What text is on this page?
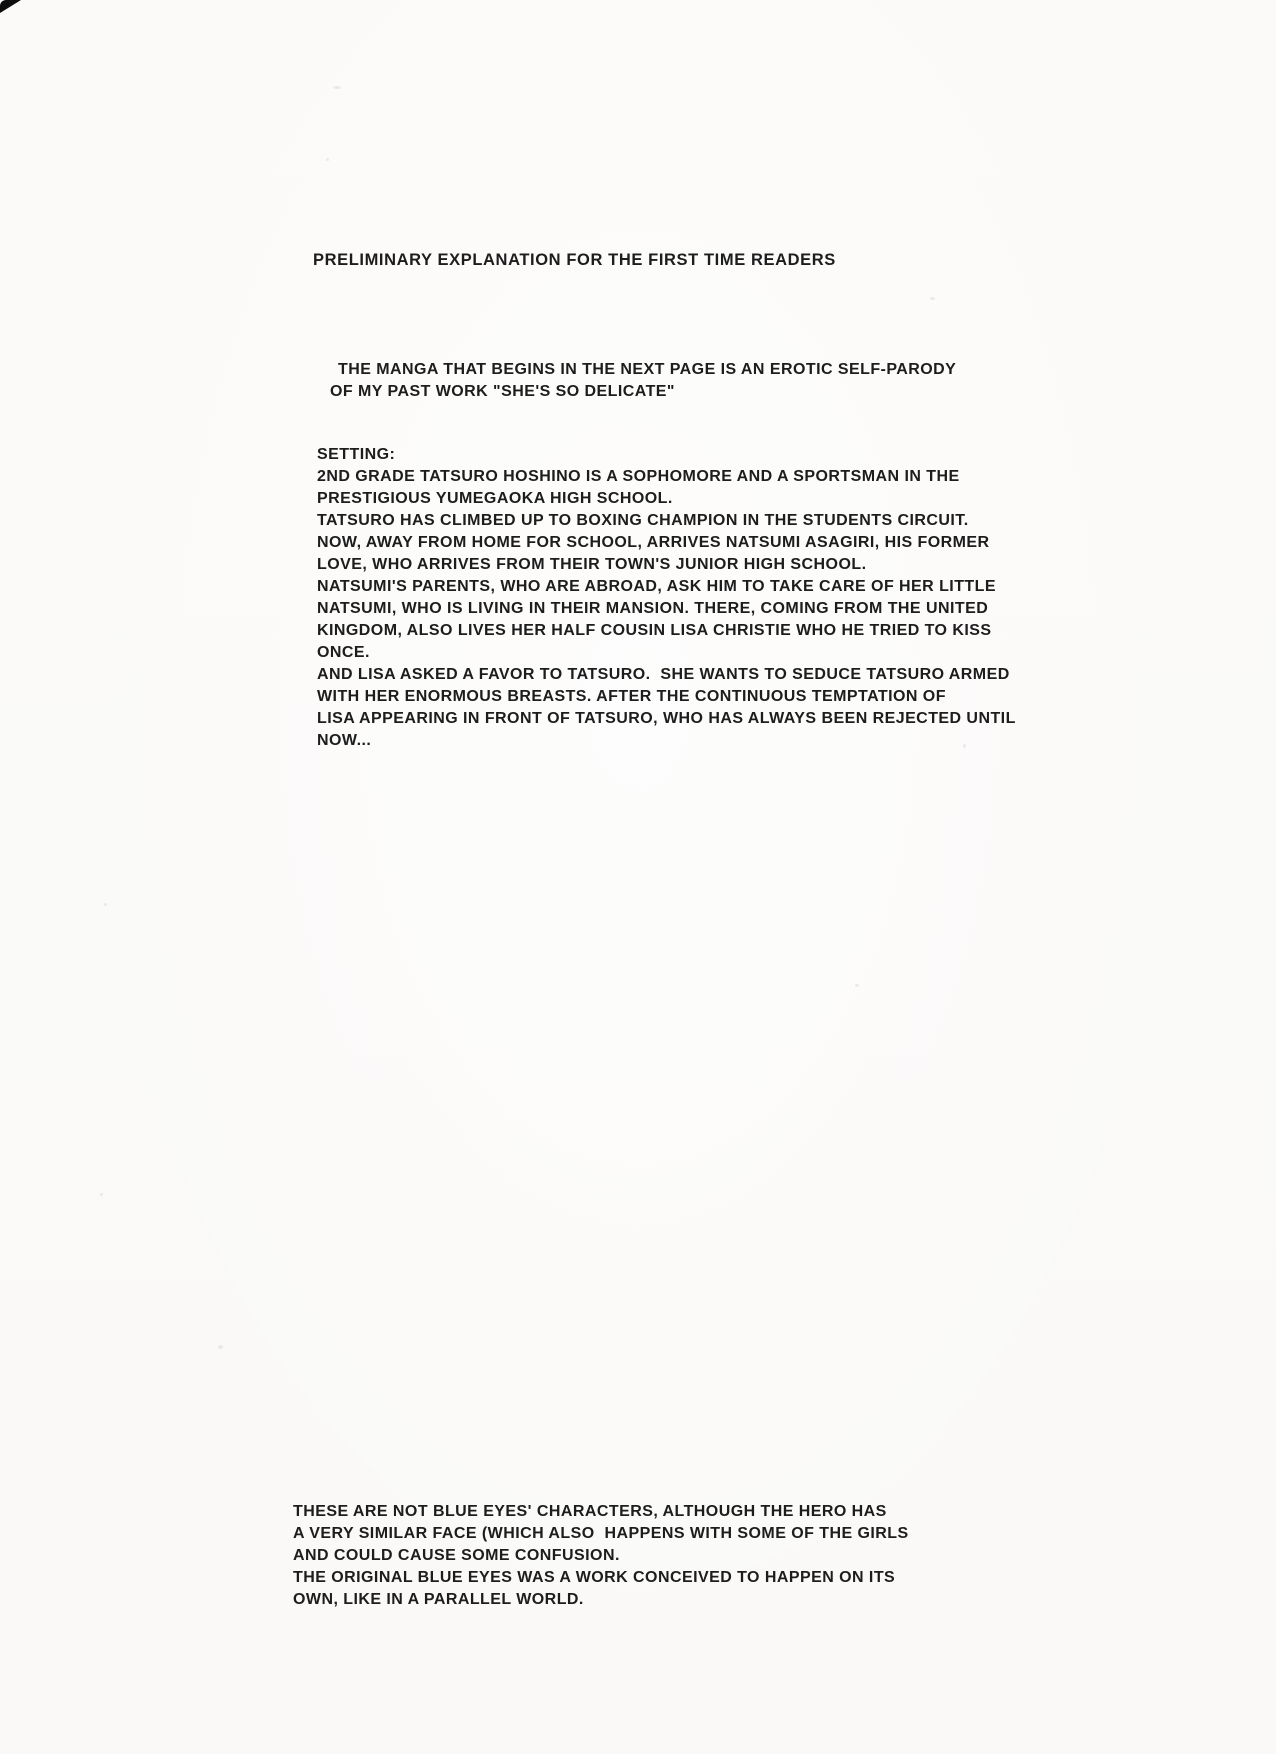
PRELIMINARY EXPLANATION FOR THE FIRST TIME READERS
THE MANGA THAT BEGINS IN THE NEXT PAGE IS AN EROTIC SELF-PARODY
OF MY PAST WORK "SHE'S SO DELICATE"
SETTING:
2ND GRADE TATSURO HOSHINO IS A SOPHOMORE AND A SPORTSMAN IN THE
PRESTIGIOUS YUMEGAOKA HIGH SCHOOL.
TATSURO HAS CLIMBED UP TO BOXING CHAMPION IN THE STUDENTS CIRCUIT.
NOW, AWAY FROM HOME FOR SCHOOL, ARRIVES NATSUMI ASAGIRI, HIS FORMER
LOVE, WHO ARRIVES FROM THEIR TOWN'S JUNIOR HIGH SCHOOL.
NATSUMI'S PARENTS, WHO ARE ABROAD, ASK HIM TO TAKE CARE OF HER LITTLE
NATSUMI, WHO IS LIVING IN THEIR MANSION. THERE, COMING FROM THE UNITED
KINGDOM, ALSO LIVES HER HALF COUSIN LISA CHRISTIE WHO HE TRIED TO KISS
ONCE.
AND LISA ASKED A FAVOR TO TATSURO.  SHE WANTS TO SEDUCE TATSURO ARMED
WITH HER ENORMOUS BREASTS. AFTER THE CONTINUOUS TEMPTATION OF
LISA APPEARING IN FRONT OF TATSURO, WHO HAS ALWAYS BEEN REJECTED UNTIL
NOW...
THESE ARE NOT BLUE EYES' CHARACTERS, ALTHOUGH THE HERO HAS
A VERY SIMILAR FACE (WHICH ALSO  HAPPENS WITH SOME OF THE GIRLS
AND COULD CAUSE SOME CONFUSION.
THE ORIGINAL BLUE EYES WAS A WORK CONCEIVED TO HAPPEN ON ITS
OWN, LIKE IN A PARALLEL WORLD.
